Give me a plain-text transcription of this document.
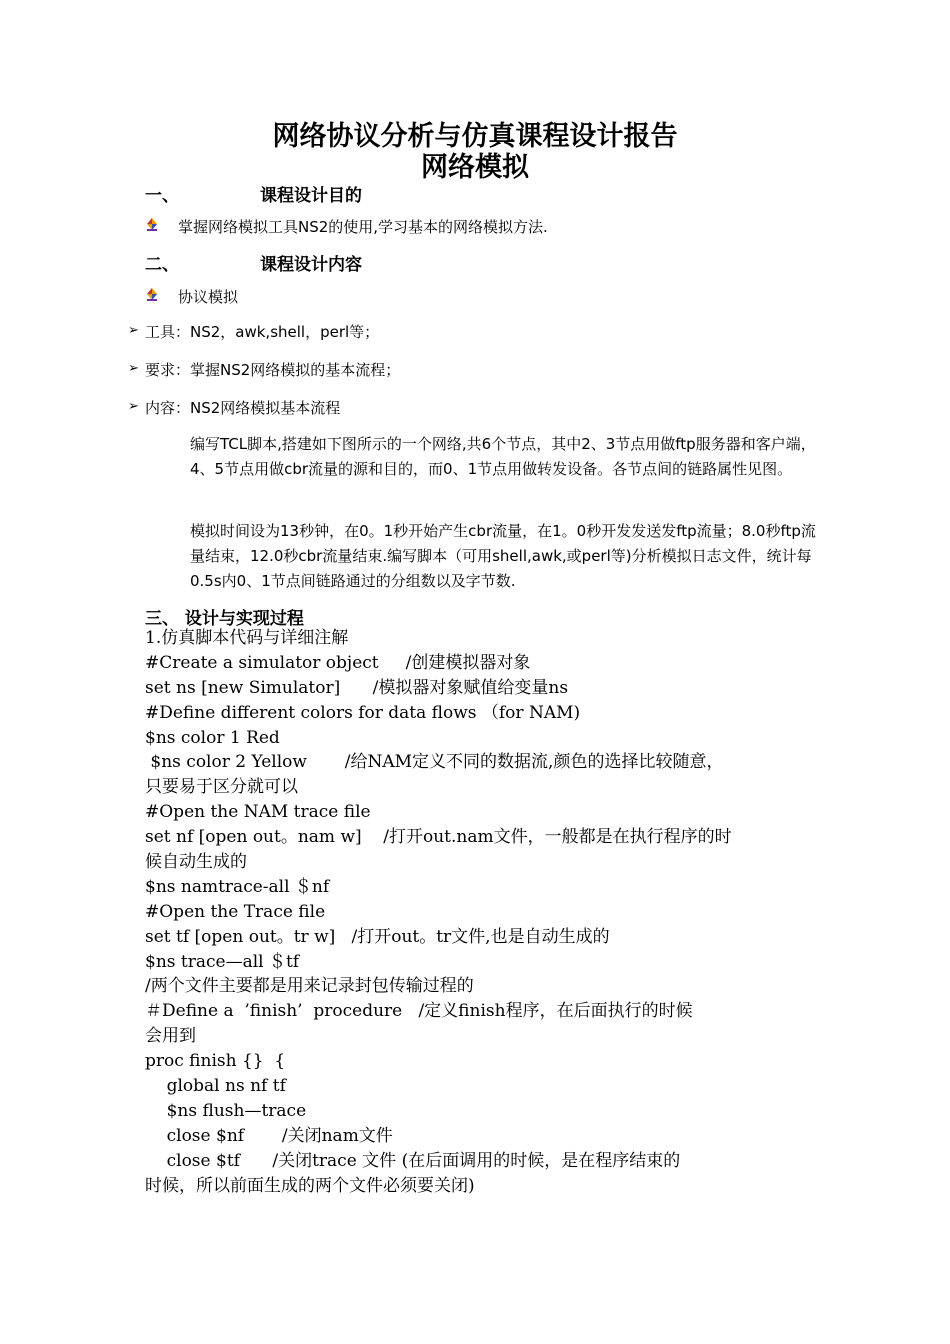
网络协议分析与仿真课程设计报告
网络模拟
一、	课程设计目的
掌握网络模拟工具NS2的使用,学习基本的网络模拟方法.
二、	课程设计内容
协议模拟
➢ 工具：NS2，awk,shell，perl等；
➢ 要求：掌握NS2网络模拟的基本流程；
➢ 内容：NS2网络模拟基本流程
编写TCL脚本,搭建如下图所示的一个网络,共6个节点，其中2、3节点用做ftp服务器和客户端，4、5节点用做cbr流量的源和目的，而0、1节点用做转发设备。各节点间的链路属性见图。
模拟时间设为13秒钟，在0。1秒开始产生cbr流量，在1。0秒开发发送发ftp流量；8.0秒ftp流量结束，12.0秒cbr流量结束.编写脚本（可用shell,awk,或perl等)分析模拟日志文件，统计每0.5s内0、1节点间链路通过的分组数以及字节数.
三、 设计与实现过程
1.仿真脚本代码与详细注解
#Create a simulator object     /创建模拟器对象
set ns [new Simulator]      /模拟器对象赋值给变量ns
#Define different colors for data flows （for NAM)
$ns color 1 Red
$ns color 2 Yellow       /给NAM定义不同的数据流,颜色的选择比较随意，
只要易于区分就可以
#Open the NAM trace file
set nf [open out。nam w]    /打开out.nam文件，一般都是在执行程序的时
候自动生成的
$ns namtrace-all ＄nf
#Open the Trace file
set tf [open out。tr w]   /打开out。tr文件,也是自动生成的
$ns trace—all ＄tf
/两个文件主要都是用来记录封包传输过程的
＃Define a  ’finish’  procedure   /定义finish程序，在后面执行的时候
会用到
proc finish {}  {
global ns nf tf
$ns flush—trace
close $nf       /关闭nam文件
close $tf      /关闭trace 文件 (在后面调用的时候，是在程序结束的
时候，所以前面生成的两个文件必须要关闭)
